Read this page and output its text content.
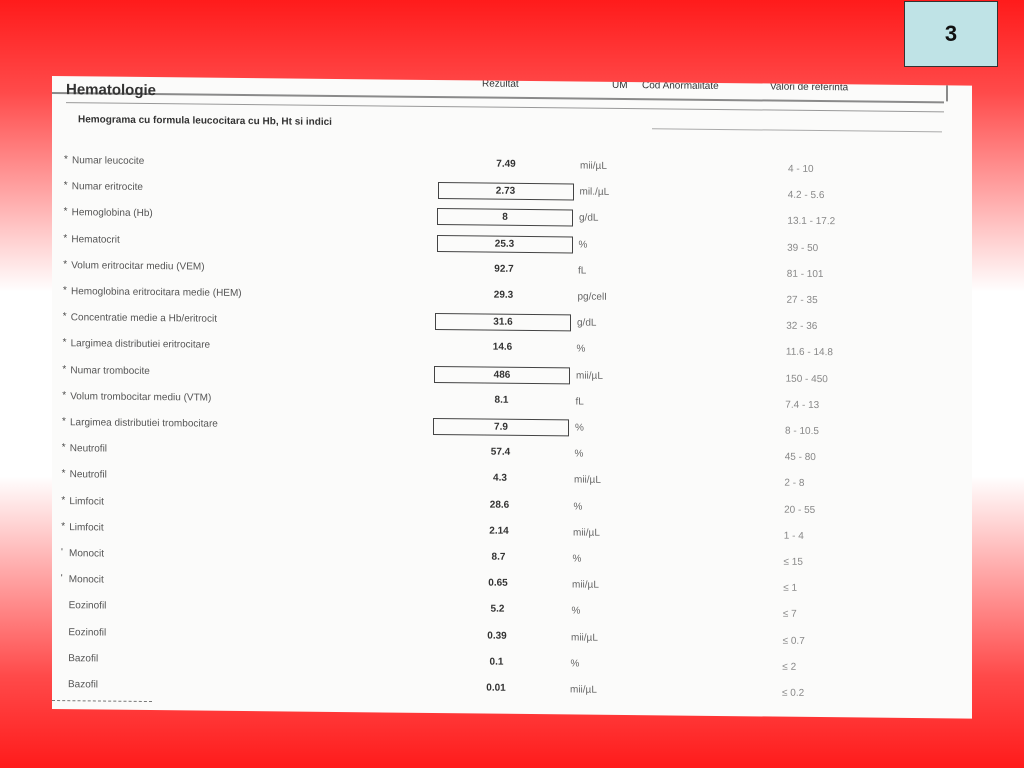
3
Rezultat	UM Cod Anormalitate	Valori de referinta
Hematologie
Hemograma cu formula leucocitara cu Hb, Ht si indici
* Numar leucocite	7.49	mii/µL	4 - 10
* Numar eritrocite	2.73	mil./µL	4.2 - 5.6
* Hemoglobina (Hb)	8	g/dL	13.1 - 17.2
* Hematocrit	25.3	%	39 - 50
* Volum eritrocitar mediu (VEM)	92.7	fL	81 - 101
* Hemoglobina eritrocitara medie (HEM)	29.3	pg/celI	27 - 35
* Concentratie medie a Hb/eritrocit	31.6	g/dL	32 - 36
* Largimea distributiei eritrocitare	14.6	%	11.6 - 14.8
* Numar trombocite	486	mii/µL	150 - 450
* Volum trombocitar mediu (VTM)	8.1	fL	7.4 - 13
* Largimea distributiei trombocitare	7.9	%	8 - 10.5
* Neutrofil	57.4	%	45 - 80
* Neutrofil	4.3	mii/µL	2 - 8
* Limfocit	28.6	%	20 - 55
* Limfocit	2.14	mii/µL	1 - 4
' Monocit	8.7	%	≤ 15
' Monocit	0.65	mii/µL	≤ 1
Eozinofil	5.2	%	≤ 7
Eozinofil	0.39	mii/µL	≤ 0.7
Bazofil	0.1	%	≤ 2
Bazofil	0.01	mii/µL	≤ 0.2
